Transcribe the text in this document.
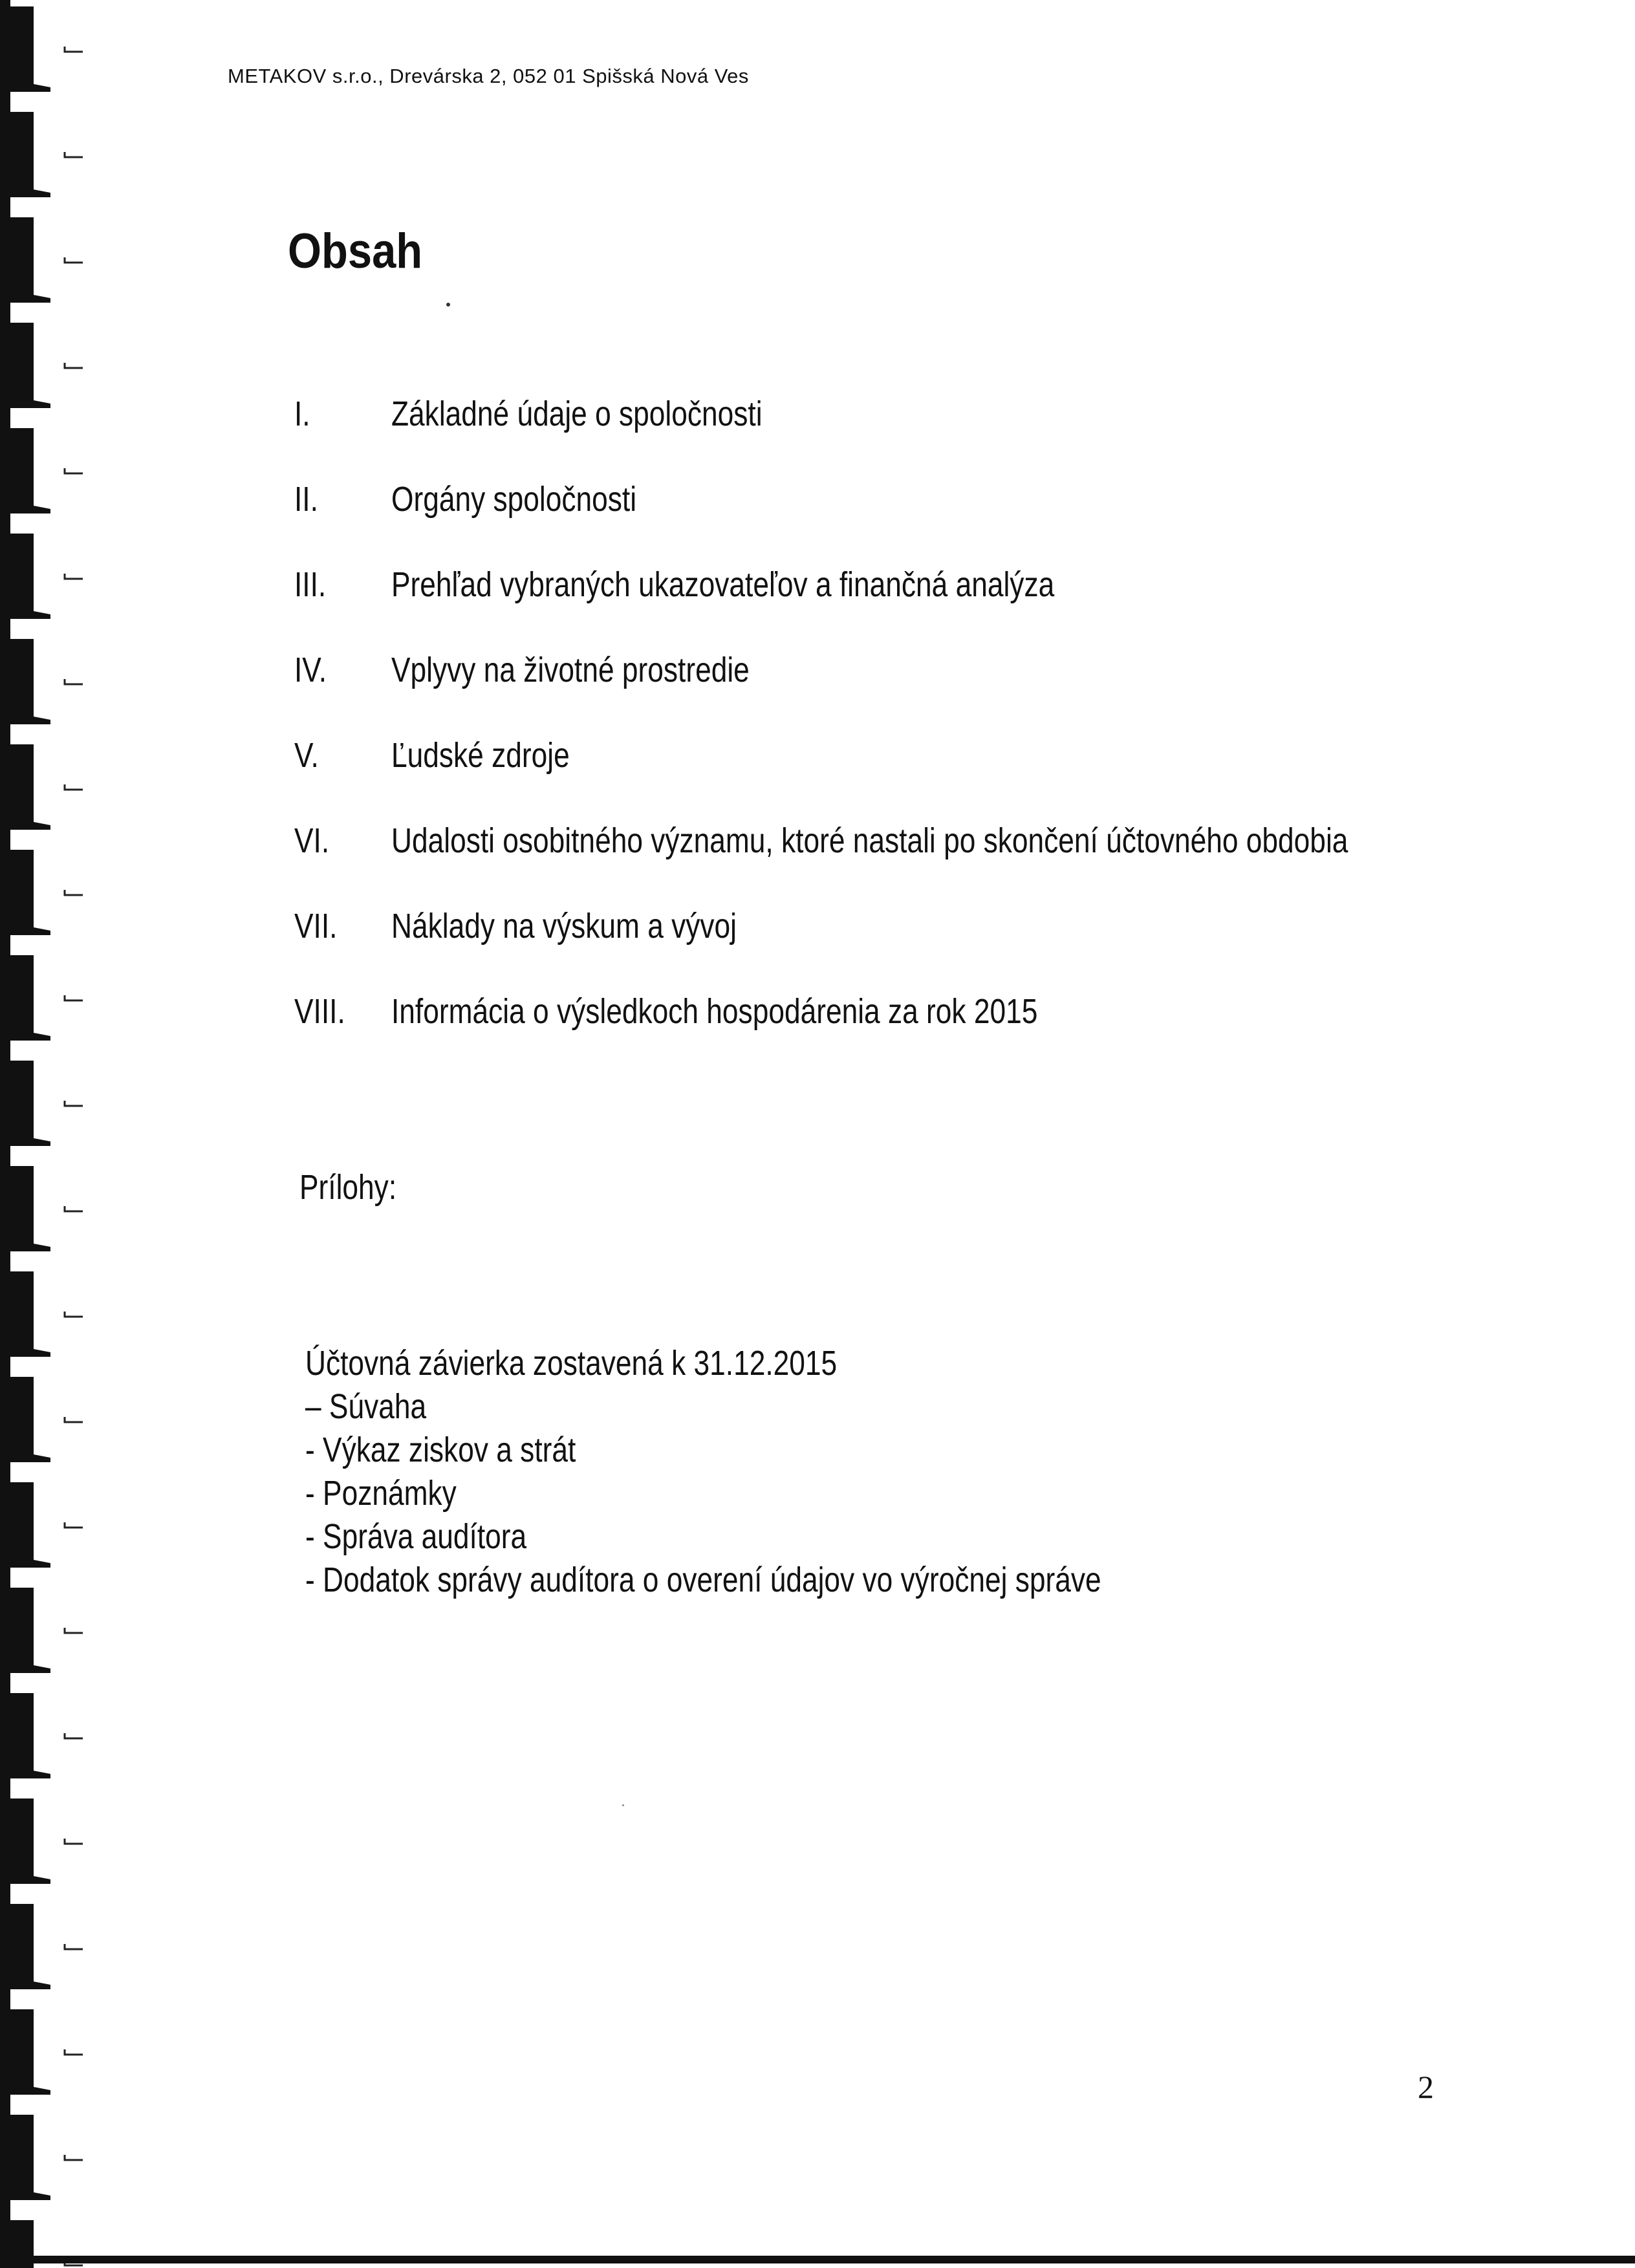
METAKOV s.r.o., Drevárska 2, 052 01 Spišská Nová Ves
Obsah
I. Základné údaje o spoločnosti
II. Orgány spoločnosti
III. Prehľad vybraných ukazovateľov a finančná analýza
IV. Vplyvy na životné prostredie
V. Ľudské zdroje
VI. Udalosti osobitného významu, ktoré nastali po skončení účtovného obdobia
VII. Náklady na výskum a vývoj
VIII. Informácia o výsledkoch hospodárenia za rok 2015
Prílohy:
Účtovná závierka zostavená k 31.12.2015
– Súvaha
- Výkaz ziskov a strát
- Poznámky
- Správa audítora
- Dodatok správy audítora o overení údajov vo výročnej správe
2
